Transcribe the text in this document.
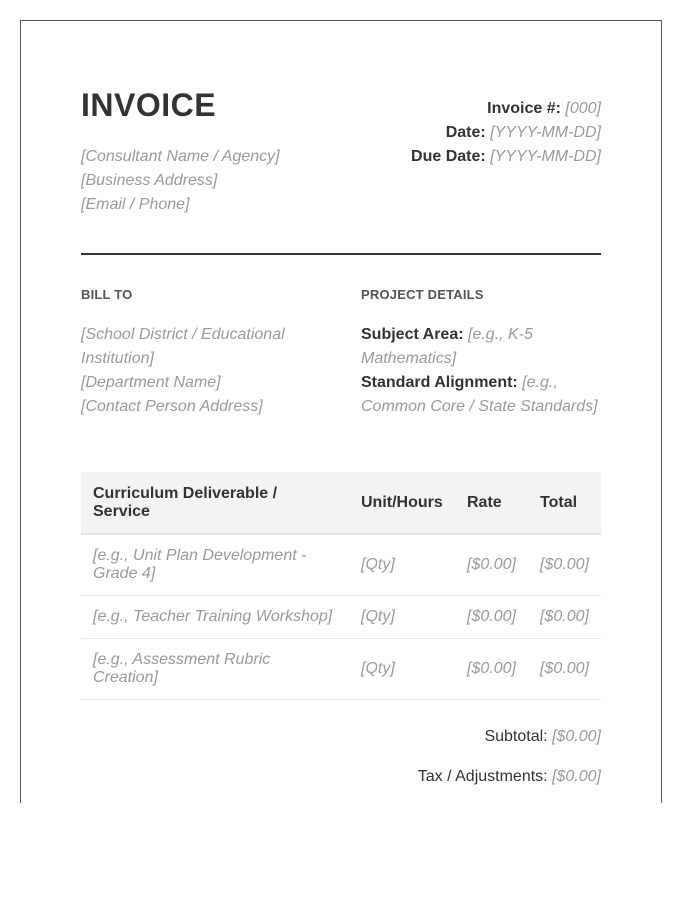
INVOICE
[Consultant Name / Agency]
[Business Address]
[Email / Phone]
Invoice #: [000]
Date: [YYYY-MM-DD]
Due Date: [YYYY-MM-DD]
BILL TO
[School District / Educational Institution]
[Department Name]
[Contact Person Address]
PROJECT DETAILS
Subject Area: [e.g., K-5 Mathematics]
Standard Alignment: [e.g., Common Core / State Standards]
Curriculum Deliverable / Service	Unit/Hours	Rate	Total
[e.g., Unit Plan Development - Grade 4]	[Qty]	[$0.00]	[$0.00]
[e.g., Teacher Training Workshop]	[Qty]	[$0.00]	[$0.00]
[e.g., Assessment Rubric Creation]	[Qty]	[$0.00]	[$0.00]
Subtotal: [$0.00]
Tax / Adjustments: [$0.00]
